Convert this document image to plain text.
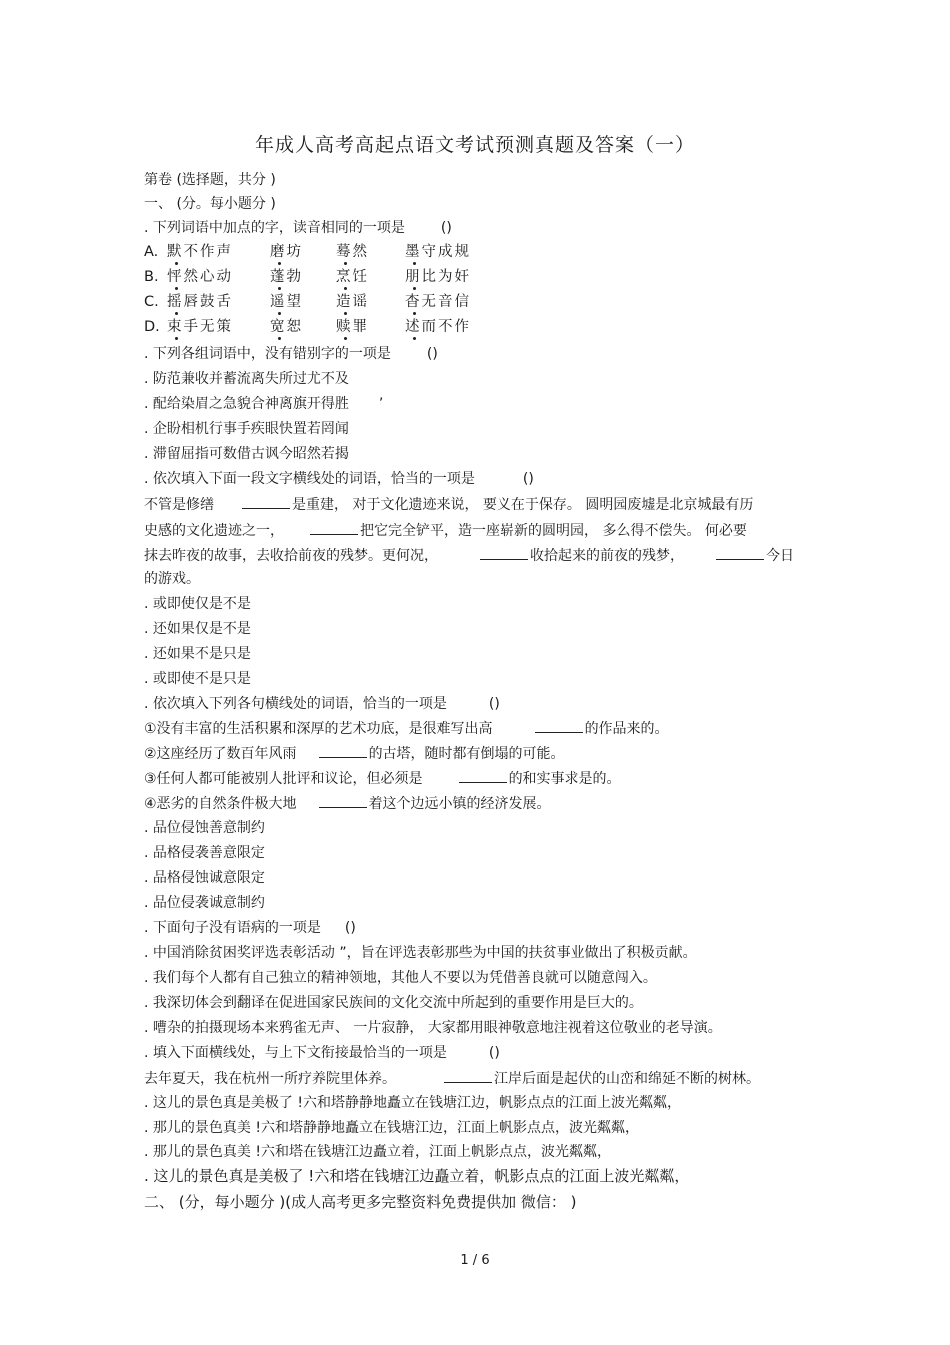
年成人高考高起点语文考试预测真题及答案（一）
第卷 (选择题，共分 )
一、 (分。每小题分 )
. 下列词语中加点的字，读音相同的一项是	()
A. 默不作声	磨坊 蓦然 墨守成规
B. 怦然心动	蓬勃 烹饪 朋比为奸
C. 摇唇鼓舌	遥望 造谣 杳无音信
D. 束手无策	宽恕 赎罪 述而不作
. 下列各组词语中，没有错别字的一项是	()
. 防范兼收并蓄流离失所过尤不及
. 配给染眉之急貌合神离旗开得胜 ’
. 企盼相机行事手疾眼快置若罔闻
. 滞留屈指可数借古讽今昭然若揭
. 依次填入下面一段文字横线处的词语，恰当的一项是	()
不管是修缮	是重建， 对于文化遗迹来说， 要义在于保存。 圆明园废墟是北京城最有历
史感的文化遗迹之一，	把它完全铲平，造一座崭新的圆明园， 多么得不偿失。 何必要
抹去昨夜的故事，去收拾前夜的残梦。更何况，	收拾起来的前夜的残梦，	今日
的游戏。
. 或即使仅是不是
. 还如果仅是不是
. 还如果不是只是
. 或即使不是只是
. 依次填入下列各句横线处的词语，恰当的一项是	()
①没有丰富的生活积累和深厚的艺术功底，是很难写出高	的作品来的。
②这座经历了数百年风雨	的古塔，随时都有倒塌的可能。
③任何人都可能被别人批评和议论，但必须是	的和实事求是的。
④恶劣的自然条件极大地	着这个边远小镇的经济发展。
. 品位侵蚀善意制约
. 品格侵袭善意限定
. 品格侵蚀诚意限定
. 品位侵袭诚意制约
. 下面句子没有语病的一项是 ()
. 中国消除贫困奖评选表彰活动 ”，旨在评选表彰那些为中国的扶贫事业做出了积极贡献。
. 我们每个人都有自己独立的精神领地，其他人不要以为凭借善良就可以随意闯入。
. 我深切体会到翻译在促进国家民族间的文化交流中所起到的重要作用是巨大的。
. 嘈杂的拍摄现场本来鸦雀无声、 一片寂静， 大家都用眼神敬意地注视着这位敬业的老导演。
. 填入下面横线处，与上下文衔接最恰当的一项是	()
去年夏天，我在杭州一所疗养院里体养。	江岸后面是起伏的山峦和绵延不断的树林。
. 这儿的景色真是美极了 !六和塔静静地矗立在钱塘江边，帆影点点的江面上波光粼粼，
. 那儿的景色真美 !六和塔静静地矗立在钱塘江边，江面上帆影点点，波光粼粼，
. 那儿的景色真美 !六和塔在钱塘江边矗立着，江面上帆影点点，波光粼粼，
. 这儿的景色真是美极了 !六和塔在钱塘江边矗立着，帆影点点的江面上波光粼粼，
二、 (分，每小题分 )(成人高考更多完整资料免费提供加 微信： )
1 / 6
